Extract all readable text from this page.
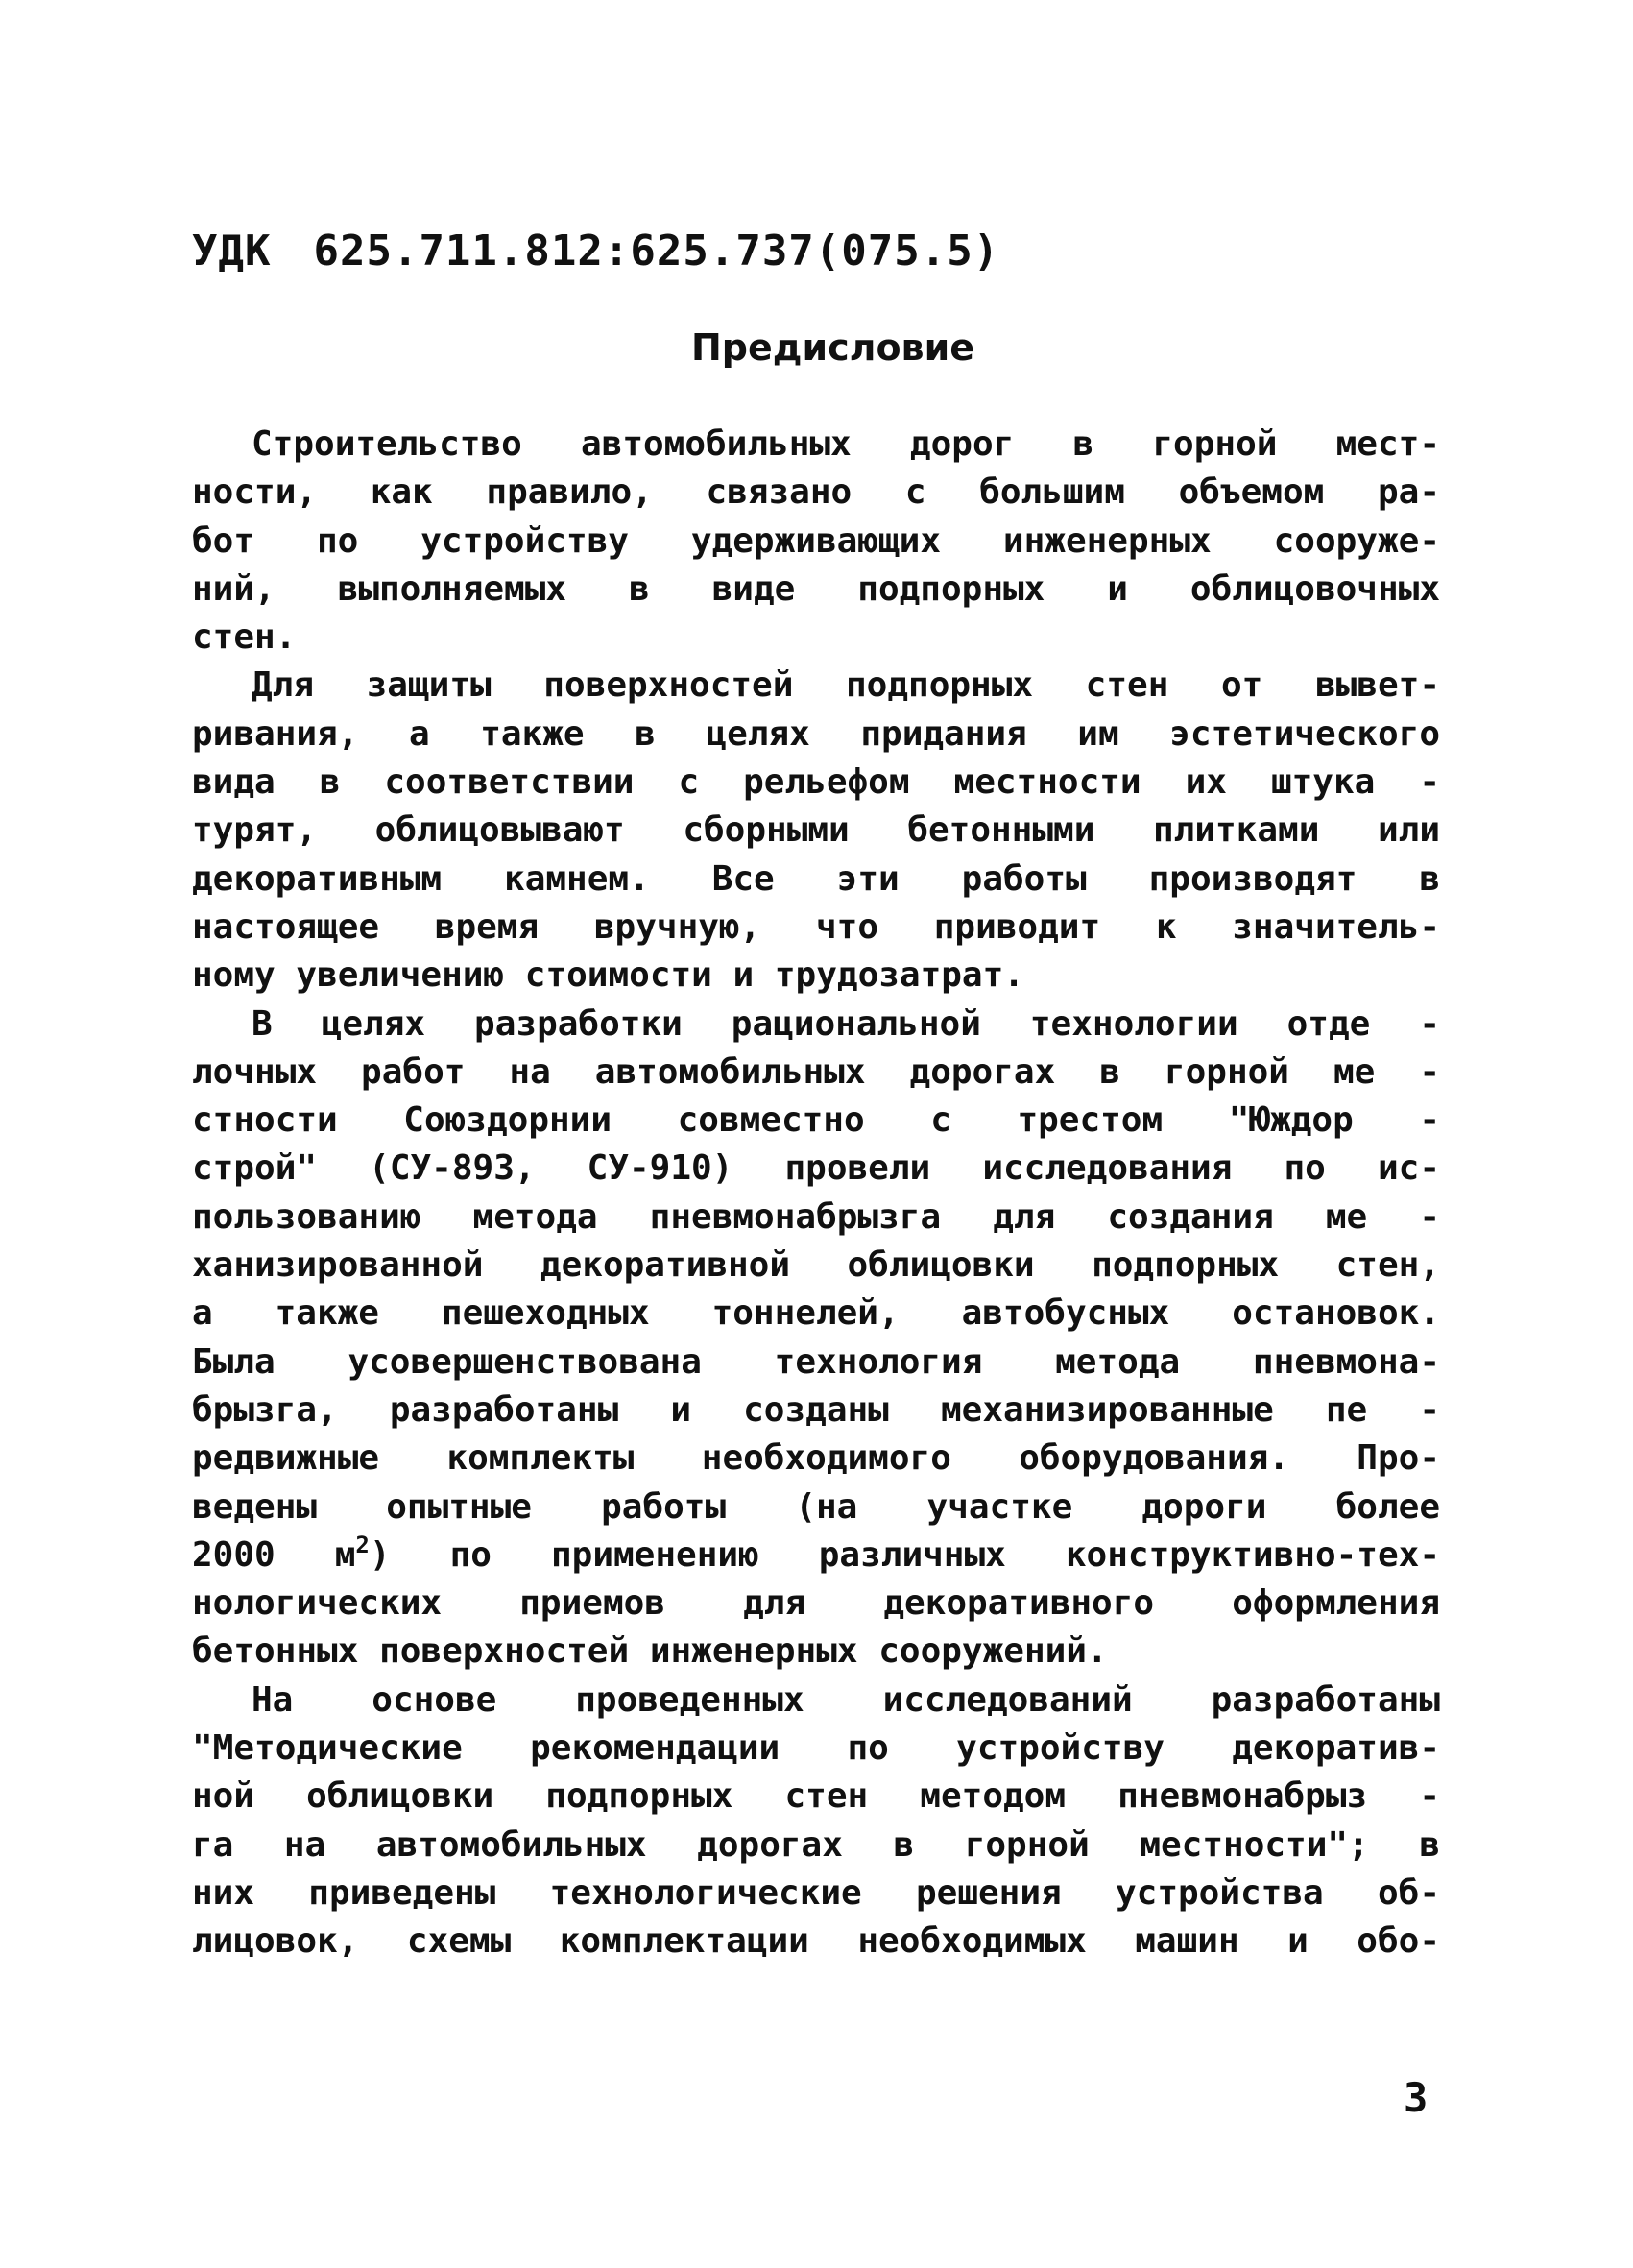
УДК 625.711.812:625.737(075.5)
Предисловие
Строительство автомобильных дорог в горной мест-
ности, как правило, связано с большим объемом ра-
бот по устройству удерживающих инженерных сооруже-
ний, выполняемых в виде подпорных и облицовочных
стен.
Для защиты поверхностей подпорных стен от вывет-
ривания, а также в целях придания им эстетического
вида в соответствии с рельефом местности их штука -
турят, облицовывают сборными бетонными плитками или
декоративным камнем. Все эти работы производят в
настоящее время вручную, что приводит к значитель-
ному увеличению стоимости и трудозатрат.
В целях разработки рациональной технологии отде -
лочных работ на автомобильных дорогах в горной ме -
стности Союздорнии совместно с трестом "Юждор -
строй" (СУ-893, СУ-910) провели исследования по ис-
пользованию метода пневмонабрызга для создания ме -
ханизированной декоративной облицовки подпорных стен,
а также пешеходных тоннелей, автобусных остановок.
Была усовершенствована технология метода пневмона-
брызга, разработаны и созданы механизированные пе -
редвижные комплекты необходимого оборудования. Про-
ведены опытные работы (на участке дороги более
2000 $м^2$) по применению различных конструктивно-тех-
нологических приемов для декоративного оформления
бетонных поверхностей инженерных сооружений.
На основе проведенных исследований разработаны
"Методические рекомендации по устройству декоратив-
ной облицовки подпорных стен методом пневмонабрыз -
га на автомобильных дорогах в горной местности"; в
них приведены технологические решения устройства об-
лицовок, схемы комплектации необходимых машин и обо-
3
